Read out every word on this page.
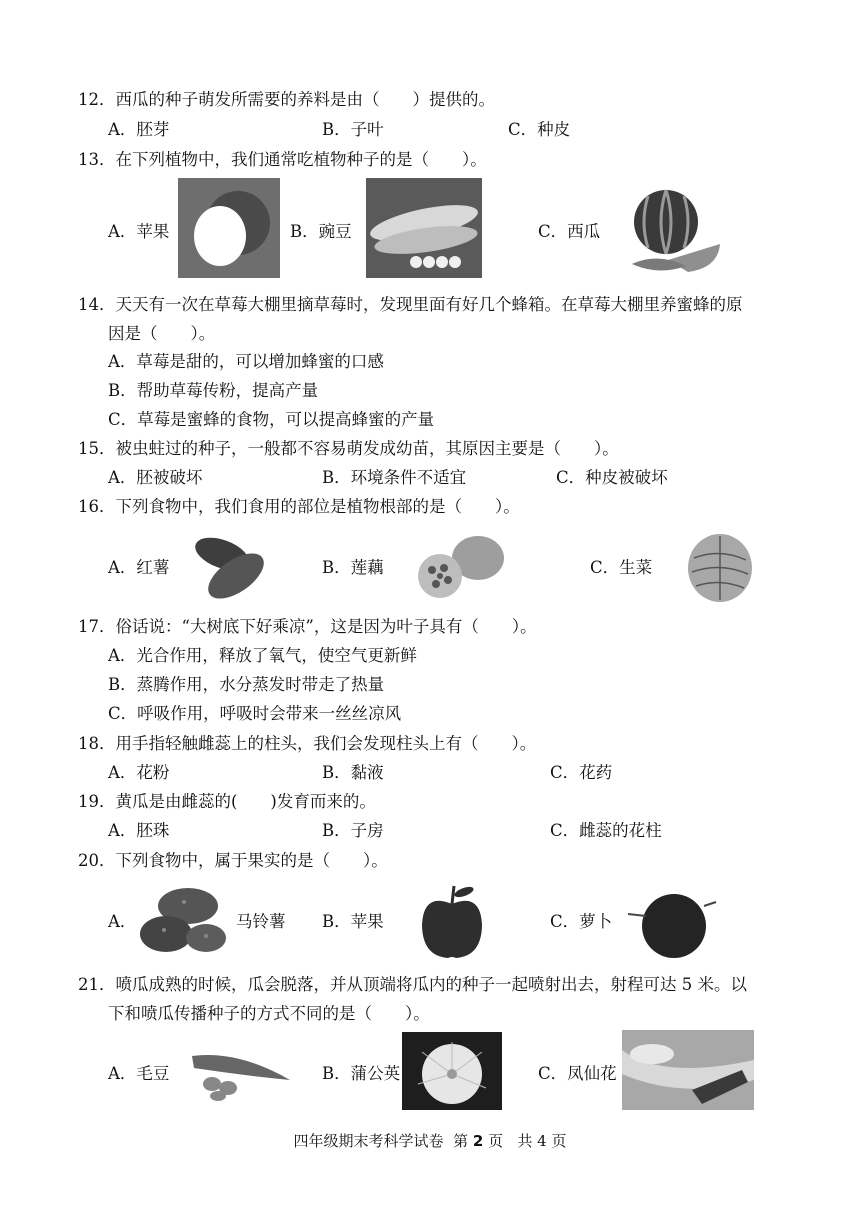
12．西瓜的种子萌发所需要的养料是由（　　）提供的。
A．胚芽	B．子叶	C．种皮
13．在下列植物中，我们通常吃植物种子的是（　　）。
A．苹果	B．豌豆	C．西瓜
14．天天有一次在草莓大棚里摘草莓时，发现里面有好几个蜂箱。在草莓大棚里养蜜蜂的原
因是（　　）。
A．草莓是甜的，可以增加蜂蜜的口感
B．帮助草莓传粉，提高产量
C．草莓是蜜蜂的食物，可以提高蜂蜜的产量
15．被虫蛀过的种子，一般都不容易萌发成幼苗，其原因主要是（　　）。
A．胚被破坏	B．环境条件不适宜	C．种皮被破坏
16．下列食物中，我们食用的部位是植物根部的是（　　）。
A．红薯	B．莲藕	C．生菜
17．俗话说：“大树底下好乘凉”，这是因为叶子具有（　　）。
A．光合作用，释放了氧气，使空气更新鲜
B．蒸腾作用，水分蒸发时带走了热量
C．呼吸作用，呼吸时会带来一丝丝凉风
18．用手指轻触雌蕊上的柱头，我们会发现柱头上有（　　）。
A．花粉	B．黏液	C．花药
19．黄瓜是由雌蕊的(　　)发育而来的。
A．胚珠	B．子房	C．雌蕊的花柱
20．下列食物中，属于果实的是（　　）。
A．	马铃薯 B．苹果	C．萝卜
21．喷瓜成熟的时候，瓜会脱落，并从顶端将瓜内的种子一起喷射出去，射程可达 5 米。以
下和喷瓜传播种子的方式不同的是（　　）。
A．毛豆	B．蒲公英	C．凤仙花
四年级期末考科学试卷 第 2 页 共 4 页
